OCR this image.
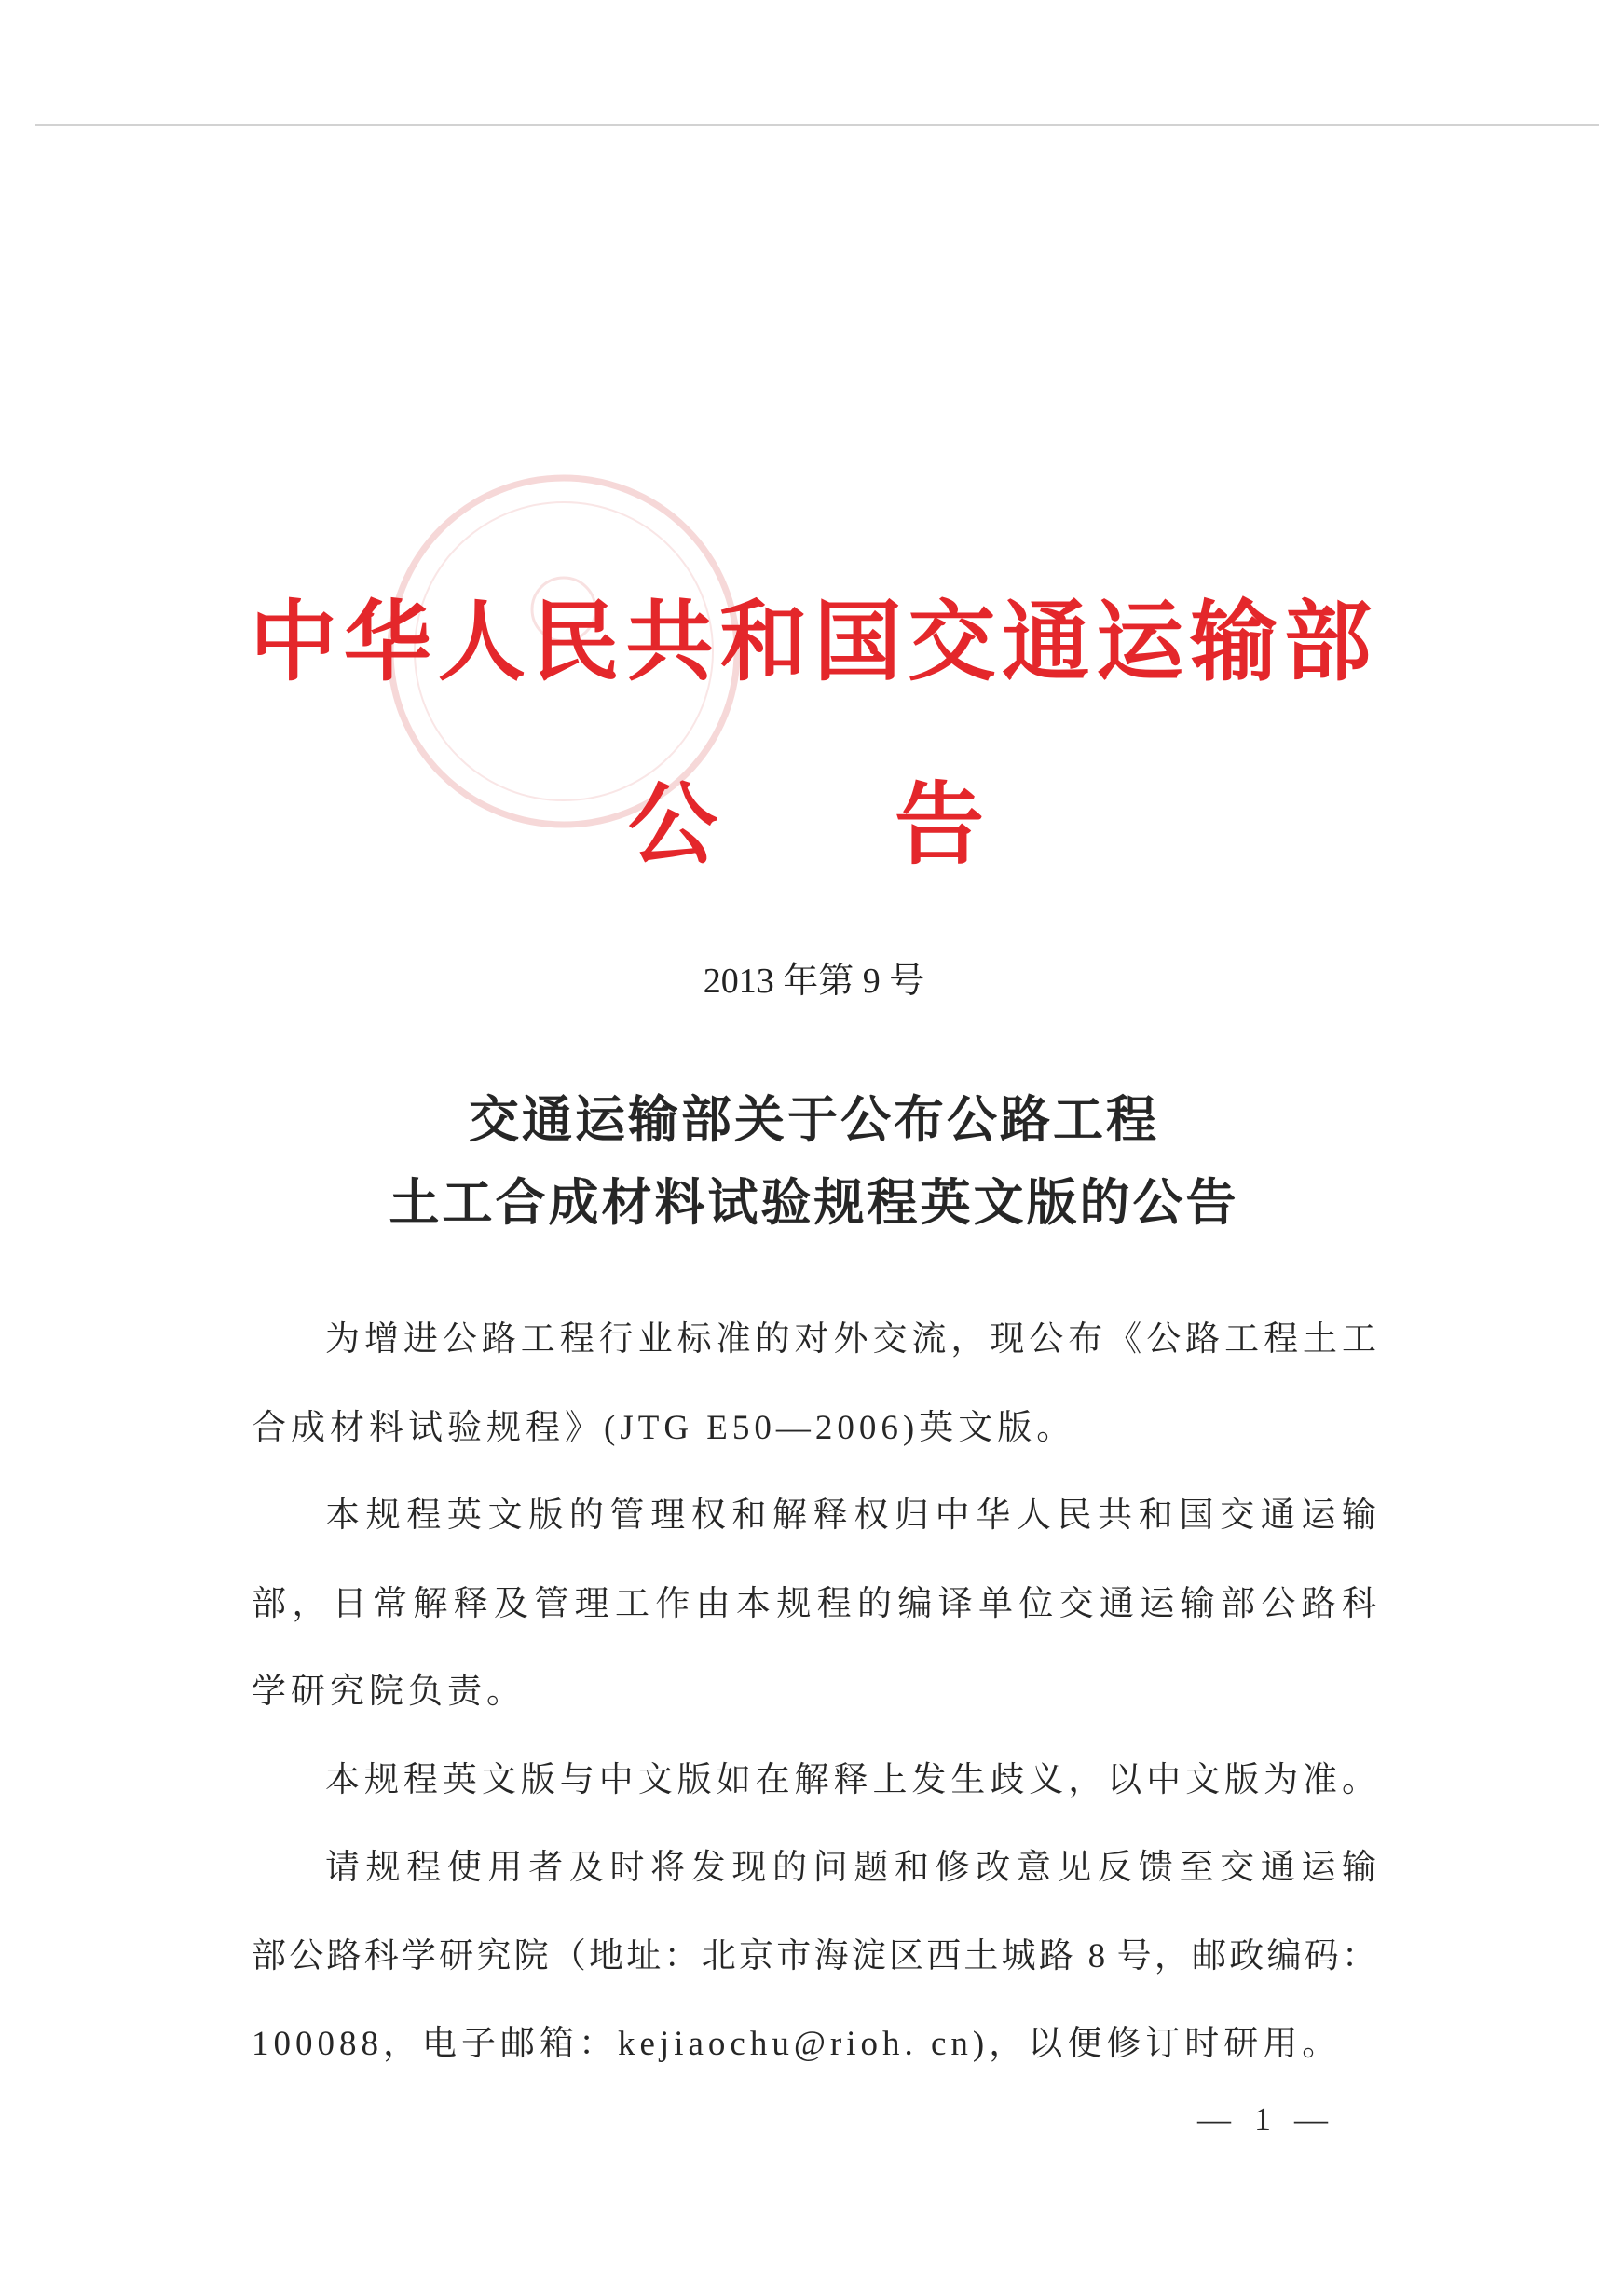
中华人民共和国交通运输部
公 告
2013 年第 9 号
交通运输部关于公布公路工程
土工合成材料试验规程英文版的公告
为增进公路工程行业标准的对外交流，现公布《公路工程土工
合成材料试验规程》(JTG E50—2006)英文版。
本规程英文版的管理权和解释权归中华人民共和国交通运输
部，日常解释及管理工作由本规程的编译单位交通运输部公路科
学研究院负责。
本规程英文版与中文版如在解释上发生歧义，以中文版为准。
请规程使用者及时将发现的问题和修改意见反馈至交通运输
部公路科学研究院（地址：北京市海淀区西土城路 8 号，邮政编码：
100088，电子邮箱：kejiaochu@rioh. cn)，以便修订时研用。
— 1 —
